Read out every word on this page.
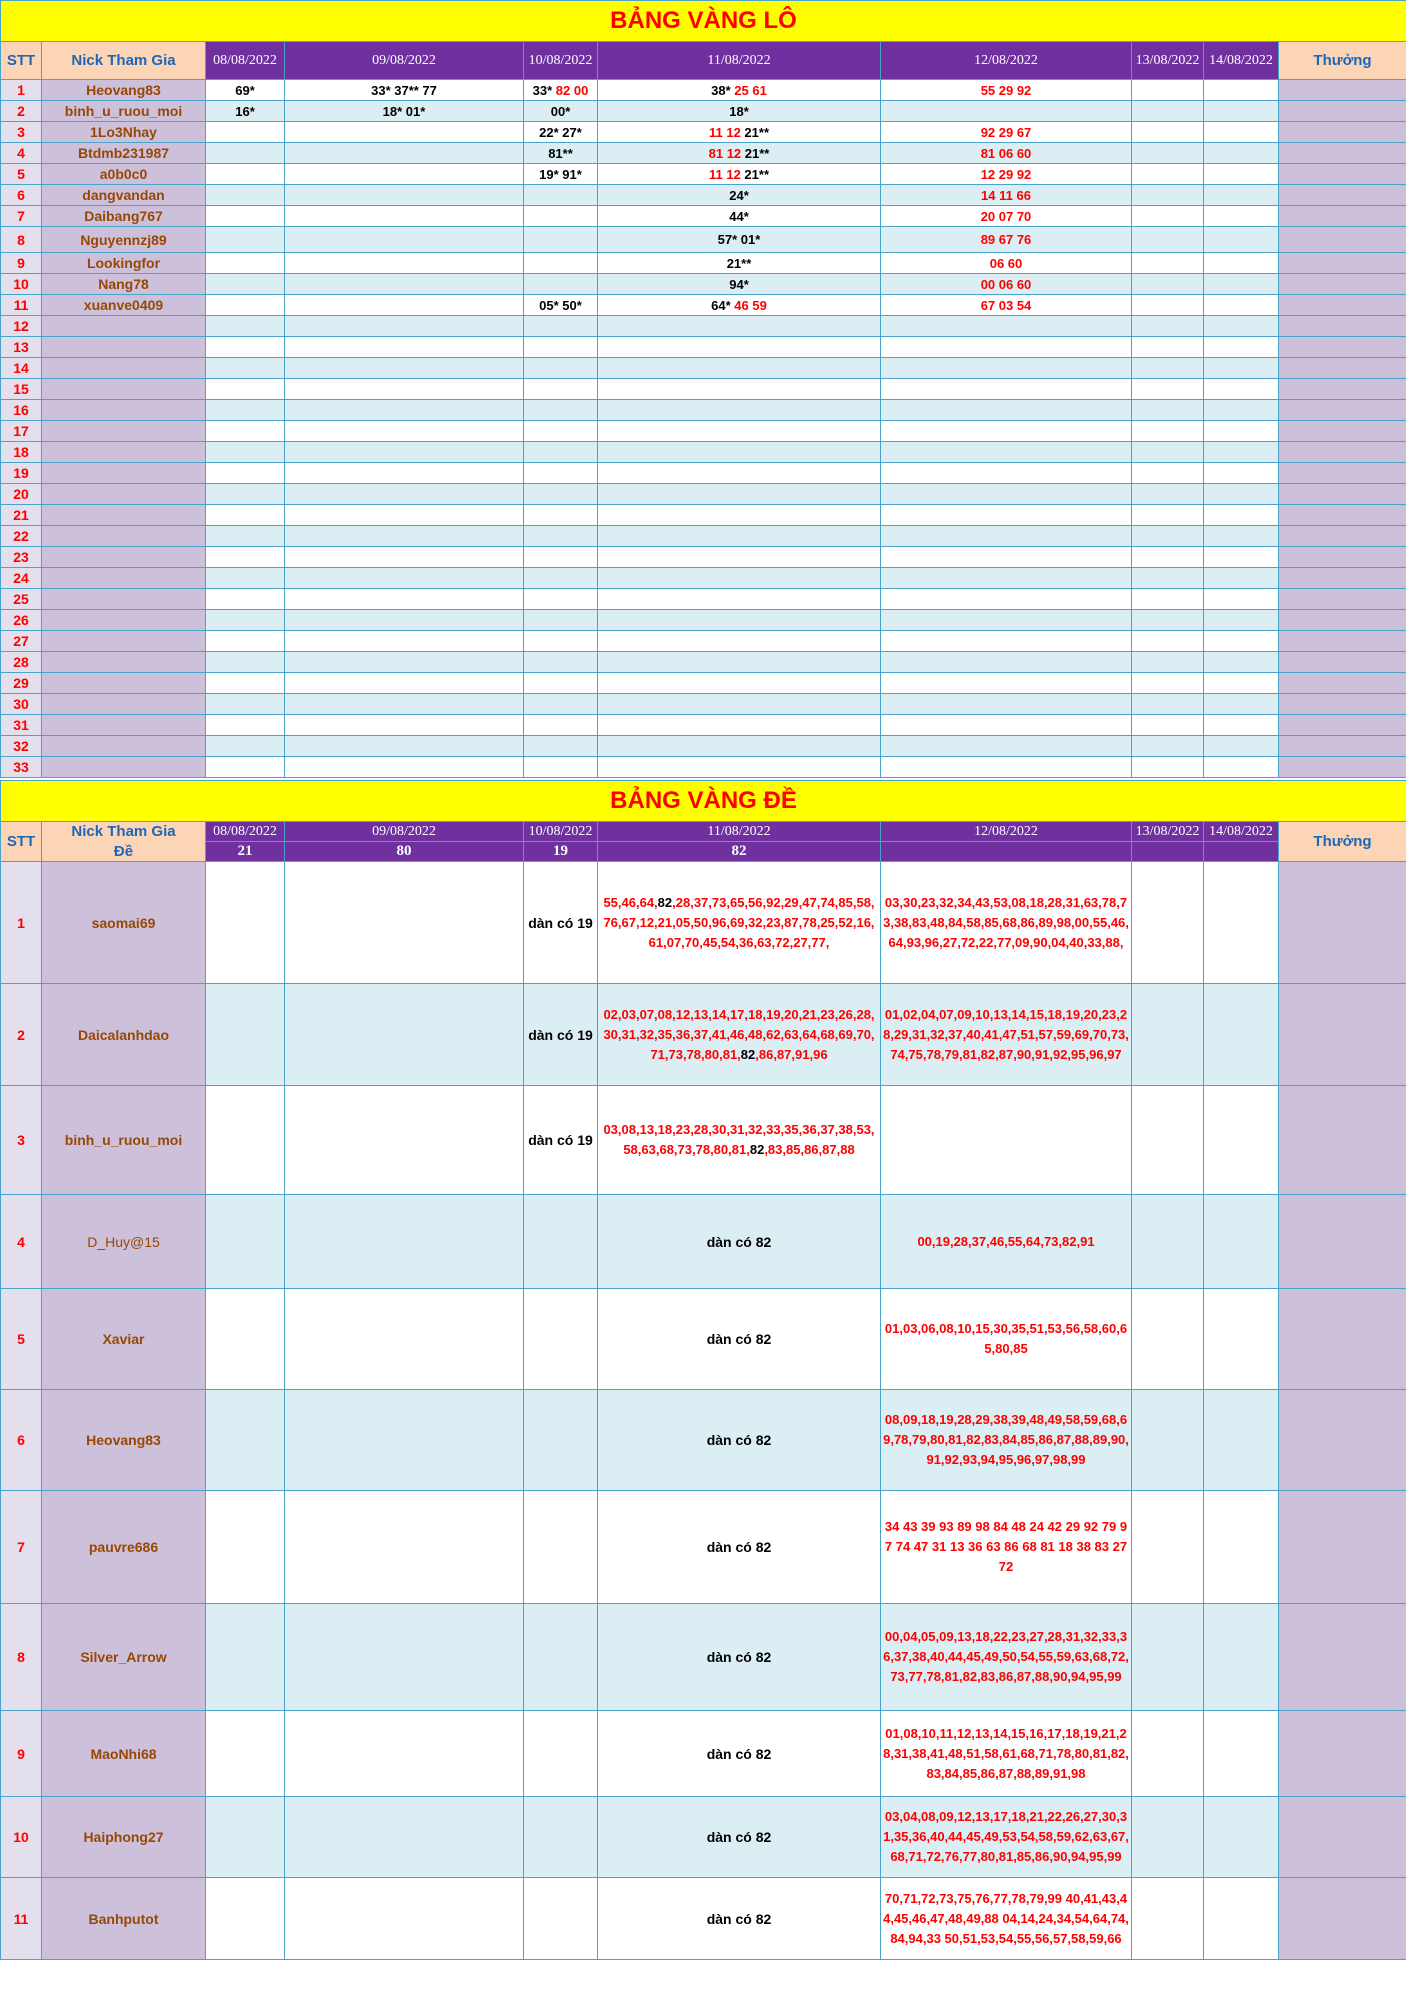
BẢNG VÀNG LÔ									
STT	Nick Tham Gia	08/08/2022	09/08/2022	10/08/2022	11/08/2022	12/08/2022	13/08/2022	14/08/2022	Thưởng
1	Heovang83	69*	33* 37** 77	33* 82 00	38* 25 61	55 29 92			
2	binh_u_ruou_moi	16*	18* 01*	00*	18*				
3	1Lo3Nhay			22* 27*	11 12 21**	92 29 67			
4	Btdmb231987			81**	81 12 21**	81 06 60			
5	a0b0c0			19* 91*	11 12 21**	12 29 92			
6	dangvandan				24*	14 11 66			
7	Daibang767				44*	20 07 70			
8	Nguyennzj89				57* 01*	89 67 76			
9	Lookingfor				21**	06 60			
10	Nang78				94*	00 06 60			
11	xuanve0409			05* 50*	64* 46 59	67 03 54			
12									
13									
14									
15									
16									
17									
18									
19									
20									
21									
22									
23									
24									
25									
26									
27									
28									
29									
30									
31									
32									
33									
BẢNG VÀNG ĐỀ									
STT	Nick Tham Gia	08/08/2022	09/08/2022	10/08/2022	11/08/2022	12/08/2022	13/08/2022	14/08/2022	Thưởng
	Đề	21	80	19	82				
1	saomai69			dàn có 19	55,46,64,82,28,37,73,65,56,92,29,47,74,85,58,76,67,12,21,05,50,96,69,32,23,87,78,25,52,16,61,07,70,45,54,36,63,72,27,77,	03,30,23,32,34,43,53,08,18,28,31,63,78,73,38,83,48,84,58,85,68,86,89,98,00,55,46,64,93,96,27,72,22,77,09,90,04,40,33,88,			
2	Daicalanhdao			dàn có 19	02,03,07,08,12,13,14,17,18,19,20,21,23,26,28,30,31,32,35,36,37,41,46,48,62,63,64,68,69,70,71,73,78,80,81,82,86,87,91,96	01,02,04,07,09,10,13,14,15,18,19,20,23,28,29,31,32,37,40,41,47,51,57,59,69,70,73,74,75,78,79,81,82,87,90,91,92,95,96,97			
3	binh_u_ruou_moi			dàn có 19	03,08,13,18,23,28,30,31,32,33,35,36,37,38,53,58,63,68,73,78,80,81,82,83,85,86,87,88				
4	D_Huy@15				dàn có 82	00,19,28,37,46,55,64,73,82,91			
5	Xaviar				dàn có 82	01,03,06,08,10,15,30,35,51,53,56,58,60,65,80,85			
6	Heovang83				dàn có 82	08,09,18,19,28,29,38,39,48,49,58,59,68,69,78,79,80,81,82,83,84,85,86,87,88,89,90,91,92,93,94,95,96,97,98,99			
7	pauvre686				dàn có 82	34 43 39 93 89 98 84 48 24 42 29 92 79 97 74 47 31 13 36 63 86 68 81 18 38 83 27 72			
8	Silver_Arrow				dàn có 82	00,04,05,09,13,18,22,23,27,28,31,32,33,36,37,38,40,44,45,49,50,54,55,59,63,68,72,73,77,78,81,82,83,86,87,88,90,94,95,99			
9	MaoNhi68				dàn có 82	01,08,10,11,12,13,14,15,16,17,18,19,21,28,31,38,41,48,51,58,61,68,71,78,80,81,82,83,84,85,86,87,88,89,91,98			
10	Haiphong27				dàn có 82	03,04,08,09,12,13,17,18,21,22,26,27,30,31,35,36,40,44,45,49,53,54,58,59,62,63,67,68,71,72,76,77,80,81,85,86,90,94,95,99			
11	Banhputot				dàn có 82	70,71,72,73,75,76,77,78,79,99 40,41,43,44,45,46,47,48,49,88 04,14,24,34,54,64,74,84,94,33 50,51,53,54,55,56,57,58,59,66			
